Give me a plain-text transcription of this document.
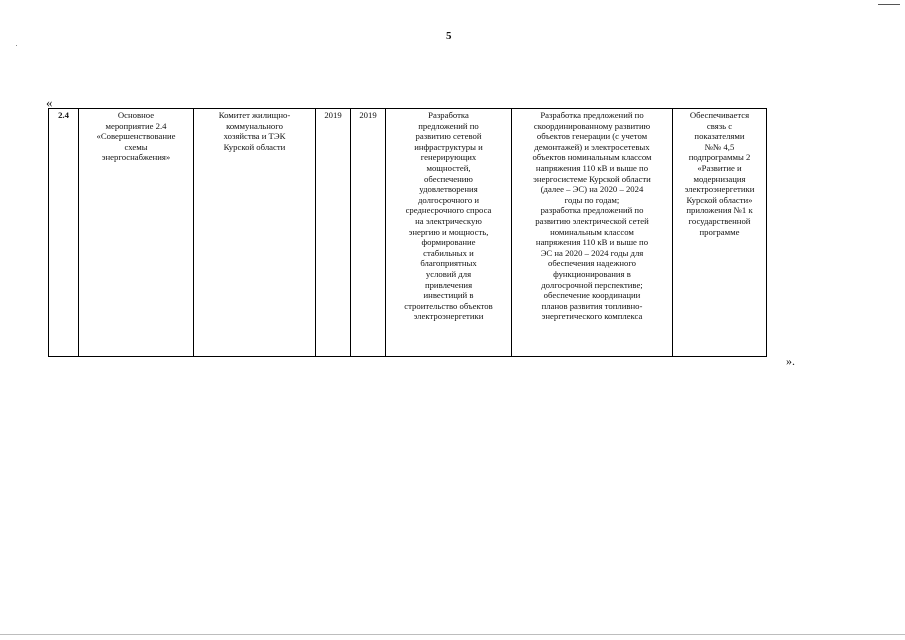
5
«
2.4	Основное
мероприятие 2.4
«Совершенствование
схемы
энергоснабжения»	Комитет жилищно-
коммунального
хозяйства и ТЭК
Курской области	2019	2019	Разработка
предложений по
развитию сетевой
инфраструктуры и
генерирующих
мощностей,
обеспечению
удовлетворения
долгосрочного и
среднесрочного спроса
на электрическую
энергию и мощность,
формирование
стабильных и
благоприятных
условий для
привлечения
инвестиций в
строительство объектов
электроэнергетики	Разработка предложений по
скоординированному развитию
объектов генерации (с учетом
демонтажей) и электросетевых
объектов номинальным классом
напряжения 110 кВ и выше по
энергосистеме Курской области
(далее – ЭС) на 2020 – 2024
годы по годам;
разработка предложений по
развитию электрической сетей
номинальным классом
напряжения 110 кВ и выше по
ЭС на 2020 – 2024 годы для
обеспечения надежного
функционирования в
долгосрочной перспективе;
обеспечение координации
планов развития топливно-
энергетического комплекса	Обеспечивается
связь с
показателями
№№ 4,5
подпрограммы 2
«Развитие и
модернизация
электроэнергетики
Курской области»
приложения №1 к
государственной
программе
».
